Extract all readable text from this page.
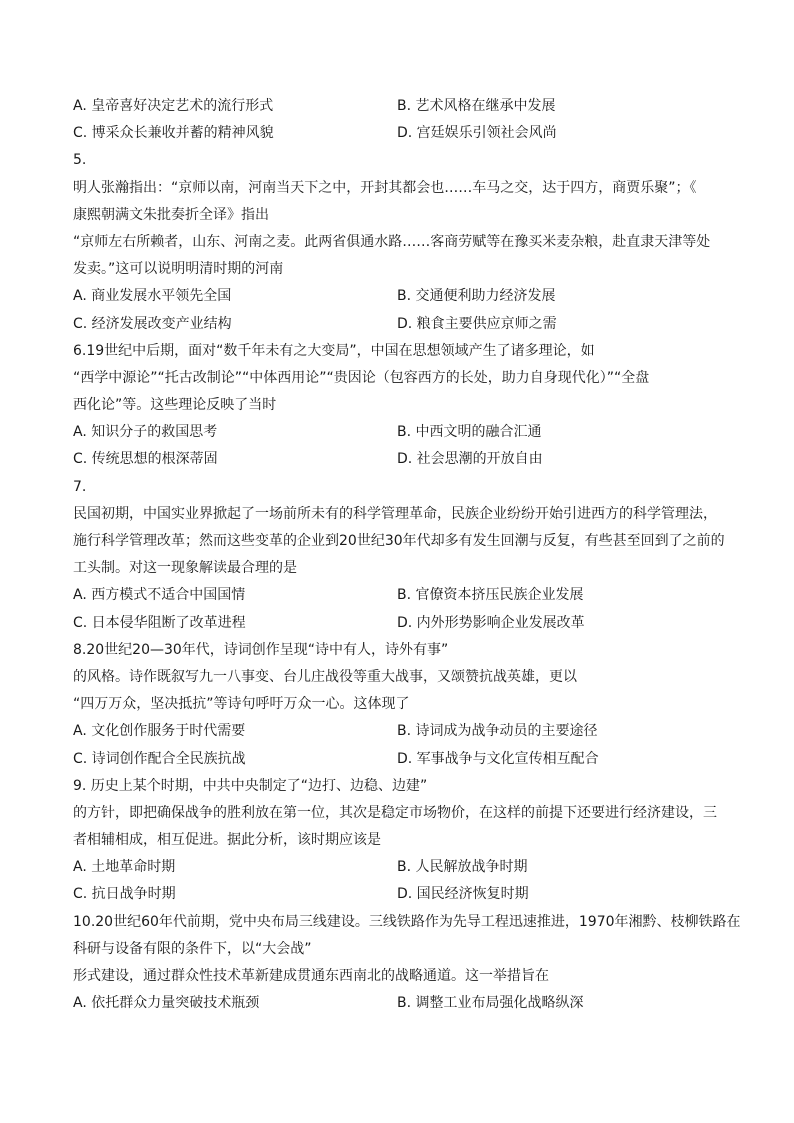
A. 皇帝喜好决定艺术的流行形式	B. 艺术风格在继承中发展
C. 博采众长兼收并蓄的精神风貌	D. 宫廷娱乐引领社会风尚
5.
明人张瀚指出：“京师以南，河南当天下之中，开封其都会也……车马之交，达于四方，商贾乐聚”；《
康熙朝满文朱批奏折全译》指出
“京师左右所赖者，山东、河南之麦。此两省俱通水路……客商劳赋等在豫买米麦杂粮，赴直隶天津等处
发卖。”这可以说明明清时期的河南
A. 商业发展水平领先全国	B. 交通便利助力经济发展
C. 经济发展改变产业结构	D. 粮食主要供应京师之需
6.19世纪中后期，面对“数千年未有之大变局”，中国在思想领域产生了诸多理论，如
“西学中源论”“托古改制论”“中体西用论”“贵因论（包容西方的长处，助力自身现代化）”“全盘
西化论”等。这些理论反映了当时
A. 知识分子的救国思考	B. 中西文明的融合汇通
C. 传统思想的根深蒂固	D. 社会思潮的开放自由
7.
民国初期，中国实业界掀起了一场前所未有的科学管理革命，民族企业纷纷开始引进西方的科学管理法，
施行科学管理改革；然而这些变革的企业到20世纪30年代却多有发生回潮与反复，有些甚至回到了之前的
工头制。对这一现象解读最合理的是
A. 西方模式不适合中国国情	B. 官僚资本挤压民族企业发展
C. 日本侵华阻断了改革进程	D. 内外形势影响企业发展改革
8.20世纪20—30年代，诗词创作呈现“诗中有人，诗外有事”
的风格。诗作既叙写九一八事变、台儿庄战役等重大战事，又颂赞抗战英雄，更以
“四万万众，坚决抵抗”等诗句呼吁万众一心。这体现了
A. 文化创作服务于时代需要	B. 诗词成为战争动员的主要途径
C. 诗词创作配合全民族抗战	D. 军事战争与文化宣传相互配合
9. 历史上某个时期，中共中央制定了“边打、边稳、边建”
的方针，即把确保战争的胜利放在第一位，其次是稳定市场物价，在这样的前提下还要进行经济建设，三
者相辅相成，相互促进。据此分析，该时期应该是
A. 土地革命时期	B. 人民解放战争时期
C. 抗日战争时期	D. 国民经济恢复时期
10.20世纪60年代前期，党中央布局三线建设。三线铁路作为先导工程迅速推进，1970年湘黔、枝柳铁路在
科研与设备有限的条件下，以“大会战”
形式建设，通过群众性技术革新建成贯通东西南北的战略通道。这一举措旨在
A. 依托群众力量突破技术瓶颈	B. 调整工业布局强化战略纵深
